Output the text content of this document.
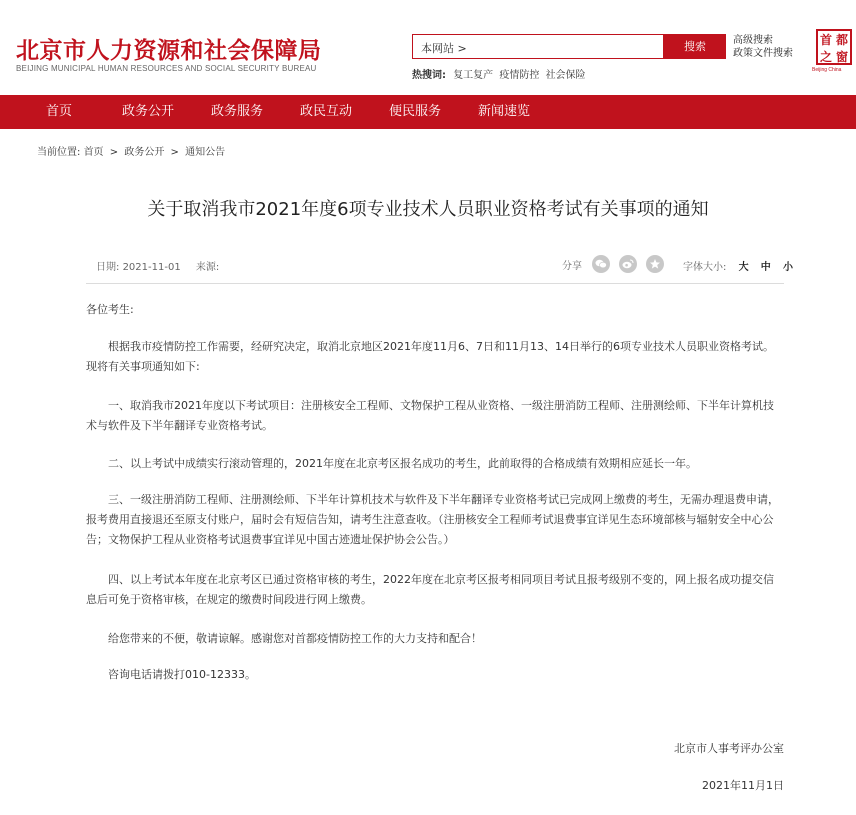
北京市人力资源和社会保障局
BEIJING MUNICIPAL HUMAN RESOURCES AND SOCIAL SECURITY BUREAU
本网站 >	搜索	高级搜索
政策文件搜索
热搜词: 复工复产 疫情防控 社会保险
首 都
之 窗
Beijing China
首页	政务公开	政务服务	政民互动	便民服务	新闻速览
当前位置: 首页 > 政务公开 > 通知公告
关于取消我市2021年度6项专业技术人员职业资格考试有关事项的通知
日期: 2021-11-01 来源:	分享	字体大小: 大 中 小
各位考生:
根据我市疫情防控工作需要，经研究决定，取消北京地区2021年度11月6、7日和11月13、14日举行的6项专业技术人员职业资格考试。现将有关事项通知如下:
一、取消我市2021年度以下考试项目：注册核安全工程师、文物保护工程从业资格、一级注册消防工程师、注册测绘师、下半年计算机技术与软件及下半年翻译专业资格考试。
二、以上考试中成绩实行滚动管理的，2021年度在北京考区报名成功的考生，此前取得的合格成绩有效期相应延长一年。
三、一级注册消防工程师、注册测绘师、下半年计算机技术与软件及下半年翻译专业资格考试已完成网上缴费的考生，无需办理退费申请，报考费用直接退还至原支付账户，届时会有短信告知，请考生注意查收。（注册核安全工程师考试退费事宜详见生态环境部核与辐射安全中心公告；文物保护工程从业资格考试退费事宜详见中国古迹遗址保护协会公告。）
四、以上考试本年度在北京考区已通过资格审核的考生，2022年度在北京考区报考相同项目考试且报考级别不变的，网上报名成功提交信息后可免于资格审核，在规定的缴费时间段进行网上缴费。
给您带来的不便，敬请谅解。感谢您对首都疫情防控工作的大力支持和配合！
咨询电话请拨打010-12333。
北京市人事考评办公室
2021年11月1日
